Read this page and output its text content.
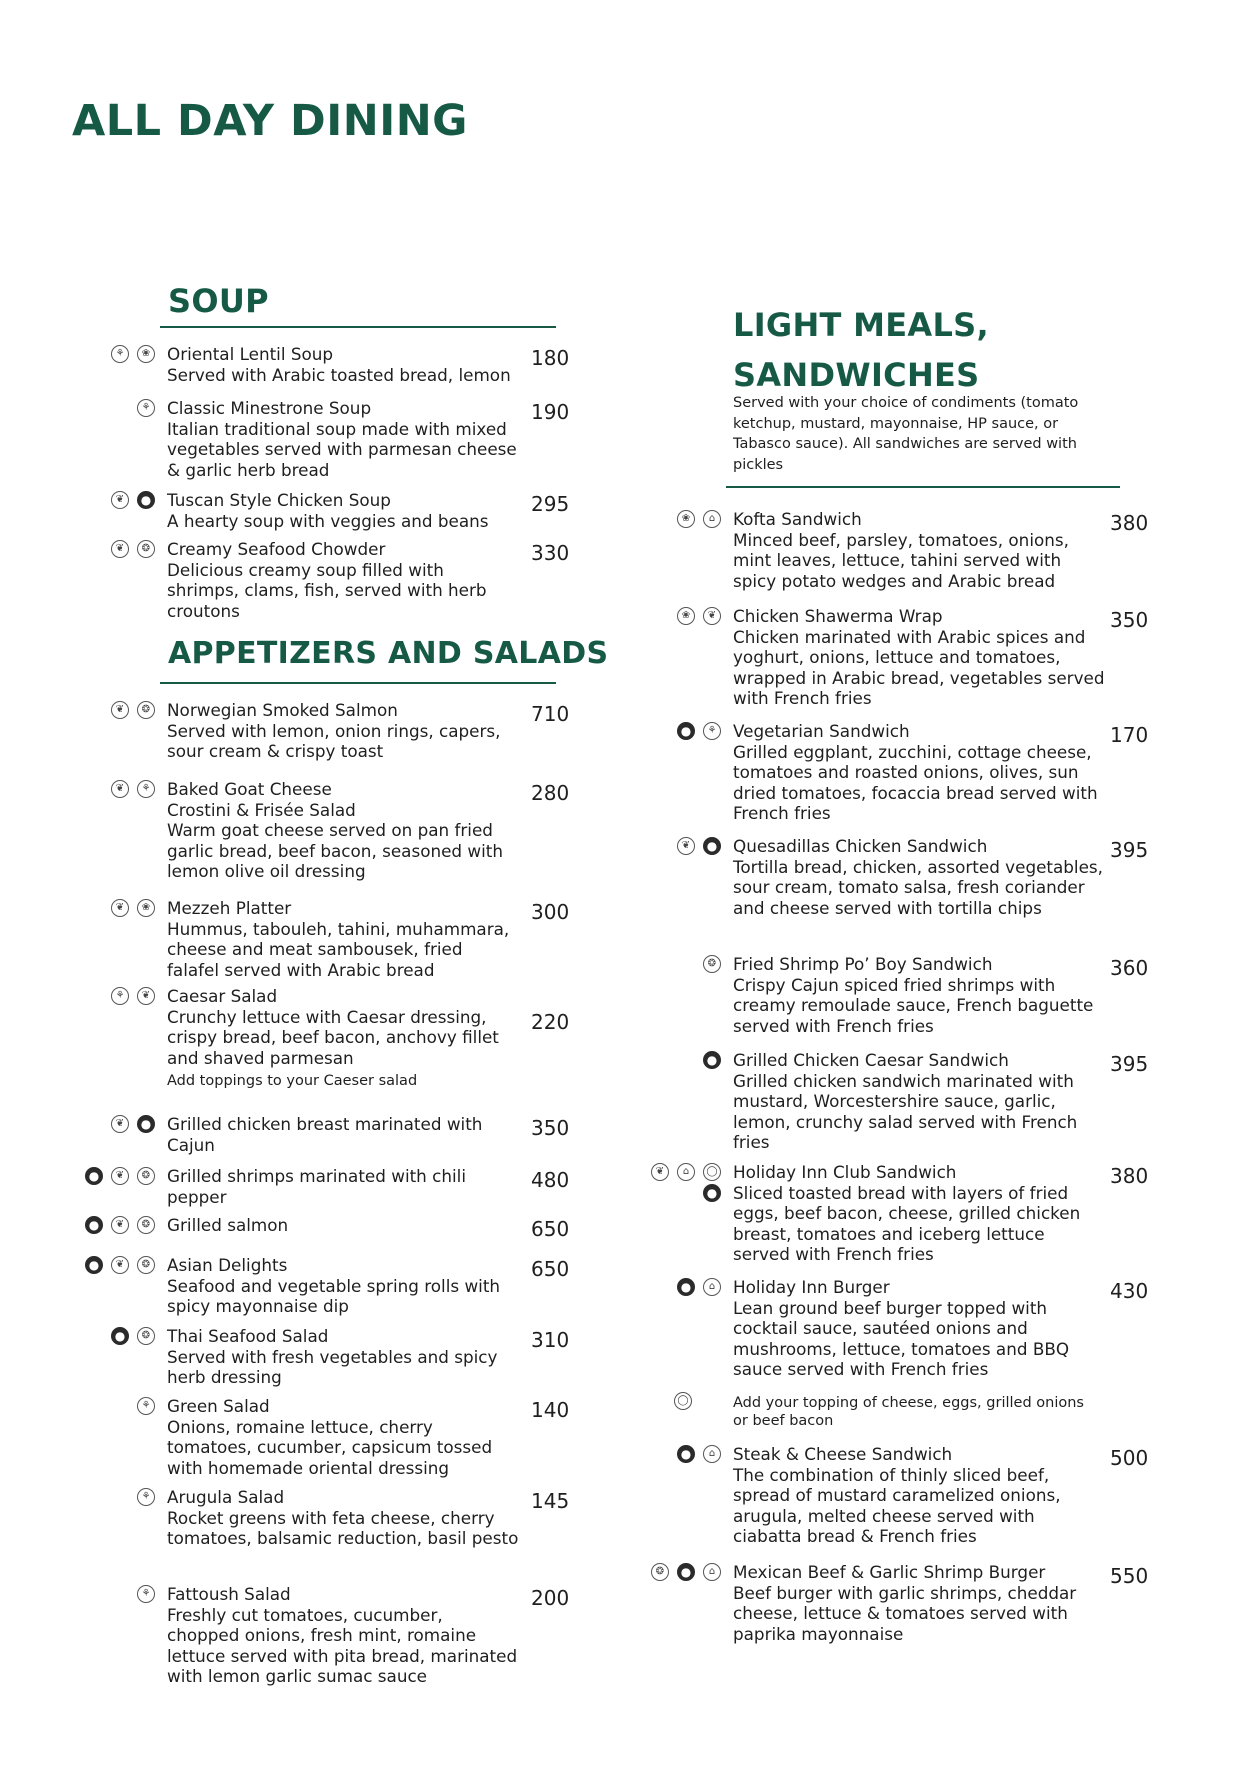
ALL DAY DINING
SOUP
APPETIZERS AND SALADS
LIGHT MEALS,
SANDWICHES
Served with your choice of condiments (tomato ketchup, mustard, mayonnaise, HP sauce, or Tabasco sauce). All sandwiches are served with pickles
⚘	❀ Oriental Lentil Soup
Served with Arabic toasted bread, lemon
180
⚘ Classic Minestrone Soup
Italian traditional soup made with mixed vegetables served with parmesan cheese & garlic herb bread
190
❦	● Tuscan Style Chicken Soup
A hearty soup with veggies and beans
295
❦	❂ Creamy Seafood Chowder
Delicious creamy soup filled with shrimps, clams, fish, served with herb croutons
330
❦	❂ Norwegian Smoked Salmon
Served with lemon, onion rings, capers, sour cream & crispy toast
710
❦	⚘ Baked Goat Cheese
Crostini & Frisée Salad
Warm goat cheese served on pan fried garlic bread, beef bacon, seasoned with lemon olive oil dressing
280
❦	❀ Mezzeh Platter
Hummus, tabouleh, tahini, muhammara, cheese and meat sambousek, fried falafel served with Arabic bread
300
⚘	❦ Caesar Salad
Crunchy lettuce with Caesar dressing, crispy bread, beef bacon, anchovy fillet and shaved parmesan
Add toppings to your Caeser salad
220
❦	● Grilled chicken breast marinated with Cajun
350
●	❦	❂ Grilled shrimps marinated with chili pepper
480
●	❦	❂ Grilled salmon	650
●	❦	❂ Asian Delights
Seafood and vegetable spring rolls with spicy mayonnaise dip
650
●	❂ Thai Seafood Salad
Served with fresh vegetables and spicy herb dressing
310
⚘ Green Salad
Onions, romaine lettuce, cherry tomatoes, cucumber, capsicum tossed with homemade oriental dressing
140
⚘ Arugula Salad
Rocket greens with feta cheese, cherry tomatoes, balsamic reduction, basil pesto
145
⚘ Fattoush Salad
Freshly cut tomatoes, cucumber, chopped onions, fresh mint, romaine lettuce served with pita bread, marinated with lemon garlic sumac sauce
200
❀	⌂	Kofta Sandwich
Minced beef, parsley, tomatoes, onions, mint leaves, lettuce, tahini served with spicy potato wedges and Arabic bread
380
❀	❦ Chicken Shawerma Wrap
Chicken marinated with Arabic spices and yoghurt, onions, lettuce and tomatoes, wrapped in Arabic bread, vegetables served with French fries
350
●	⚘ Vegetarian Sandwich
Grilled eggplant, zucchini, cottage cheese, tomatoes and roasted onions, olives, sun dried tomatoes, focaccia bread served with French fries
170
❦	● Quesadillas Chicken Sandwich
Tortilla bread, chicken, assorted vegetables, sour cream, tomato salsa, fresh coriander and cheese served with tortilla chips
395
❂ Fried Shrimp Po’ Boy Sandwich
Crispy Cajun spiced fried shrimps with creamy remoulade sauce, French baguette served with French fries
360
● Grilled Chicken Caesar Sandwich
Grilled chicken sandwich marinated with mustard, Worcestershire sauce, garlic, lemon, crunchy salad served with French fries
395
❦	⌂	◯
●
Holiday Inn Club Sandwich
Sliced toasted bread with layers of fried eggs, beef bacon, cheese, grilled chicken breast, tomatoes and iceberg lettuce served with French fries
380
●	⌂	Holiday Inn Burger
Lean ground beef burger topped with cocktail sauce, sautéed onions and mushrooms, lettuce, tomatoes and BBQ sauce served with French fries
430
●	⌂	Steak & Cheese Sandwich
The combination of thinly sliced beef, spread of mustard caramelized onions, arugula, melted cheese served with ciabatta bread & French fries
500
❂	●	⌂	Mexican Beef & Garlic Shrimp Burger
Beef burger with garlic shrimps, cheddar cheese, lettuce & tomatoes served with paprika mayonnaise
550
◯	Add your topping of cheese, eggs, grilled onions or beef bacon
